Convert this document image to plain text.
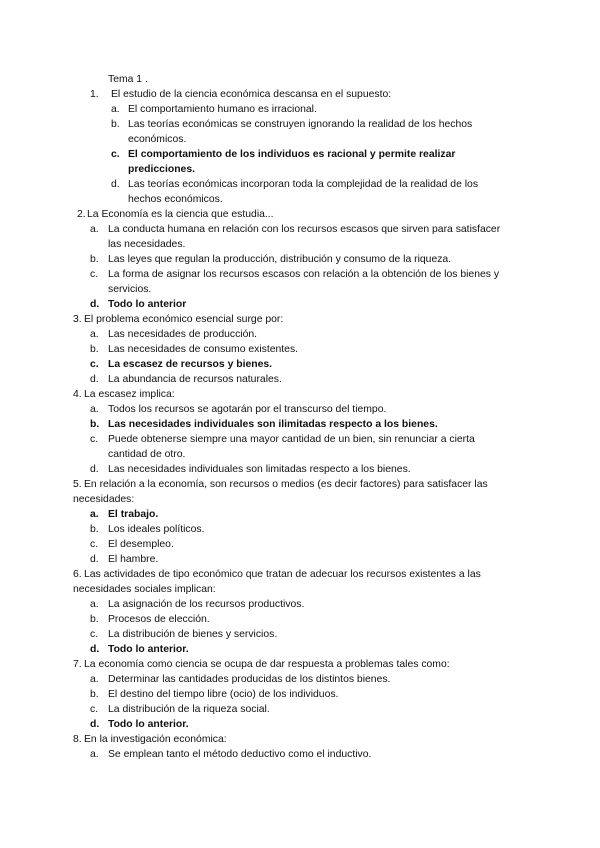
Tema 1 .
1. El estudio de la ciencia económica descansa en el supuesto:
a. El comportamiento humano es irracional.
b. Las teorías económicas se construyen ignorando la realidad de los hechos
económicos.
c. El comportamiento de los individuos es racional y permite realizar
predicciones.
d. Las teorías económicas incorporan toda la complejidad de la realidad de los
hechos económicos.
2. La Economía es la ciencia que estudia...
a. La conducta humana en relación con los recursos escasos que sirven para satisfacer
las necesidades.
b. Las leyes que regulan la producción, distribución y consumo de la riqueza.
c. La forma de asignar los recursos escasos con relación a la obtención de los bienes y
servicios.
d. Todo lo anterior
3. El problema económico esencial surge por:
a. Las necesidades de producción.
b. Las necesidades de consumo existentes.
c. La escasez de recursos y bienes.
d. La abundancia de recursos naturales.
4. La escasez implica:
a. Todos los recursos se agotarán por el transcurso del tiempo.
b. Las necesidades individuales son ilimitadas respecto a los bienes.
c. Puede obtenerse siempre una mayor cantidad de un bien, sin renunciar a cierta
cantidad de otro.
d. Las necesidades individuales son limitadas respecto a los bienes.
5. En relación a la economía, son recursos o medios (es decir factores) para satisfacer las
necesidades:
a. El trabajo.
b. Los ideales políticos.
c. El desempleo.
d. El hambre.
6. Las actividades de tipo económico que tratan de adecuar los recursos existentes a las
necesidades sociales implican:
a. La asignación de los recursos productivos.
b. Procesos de elección.
c. La distribución de bienes y servicios.
d. Todo lo anterior.
7. La economía como ciencia se ocupa de dar respuesta a problemas tales como:
a. Determinar las cantidades producidas de los distintos bienes.
b. El destino del tiempo libre (ocio) de los individuos.
c. La distribución de la riqueza social.
d. Todo lo anterior.
8. En la investigación económica:
a. Se emplean tanto el método deductivo como el inductivo.
